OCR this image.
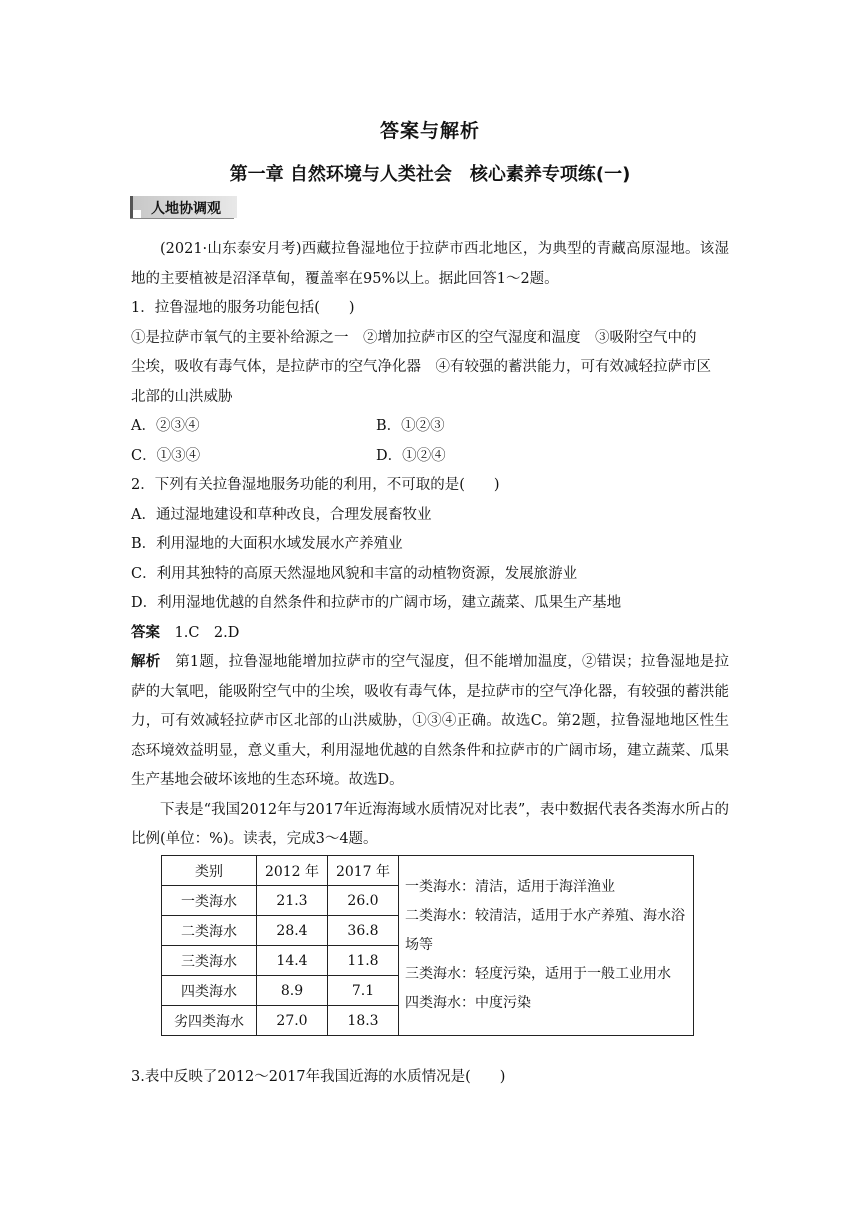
答案与解析
第一章 自然环境与人类社会　核心素养专项练(一)
人地协调观

(2021·山东泰安月考)西藏拉鲁湿地位于拉萨市西北地区，为典型的青藏高原湿地。该湿地的主要植被是沼泽草甸，覆盖率在95%以上。据此回答1～2题。

1．拉鲁湿地的服务功能包括(　　)

①是拉萨市氧气的主要补给源之一　②增加拉萨市区的空气湿度和温度　③吸附空气中的

尘埃，吸收有毒气体，是拉萨市的空气净化器　④有较强的蓄洪能力，可有效减轻拉萨市区

北部的山洪威胁

A．②③④	B．①②③
C．①③④	D．①②④

2．下列有关拉鲁湿地服务功能的利用，不可取的是(　　)

A．通过湿地建设和草种改良，合理发展畜牧业

B．利用湿地的大面积水域发展水产养殖业

C．利用其独特的高原天然湿地风貌和丰富的动植物资源，发展旅游业

D．利用湿地优越的自然条件和拉萨市的广阔市场，建立蔬菜、瓜果生产基地

答案　 1.C　2.D

解析　 第1题，拉鲁湿地能增加拉萨市的空气湿度，但不能增加温度，②错误；拉鲁湿地是拉萨的大氧吧，能吸附空气中的尘埃，吸收有毒气体，是拉萨市的空气净化器，有较强的蓄洪能力，可有效减轻拉萨市区北部的山洪威胁，①③④正确。故选C。第2题，拉鲁湿地地区性生态环境效益明显，意义重大，利用湿地优越的自然条件和拉萨市的广阔市场，建立蔬菜、瓜果生产基地会破坏该地的生态环境。故选D。

下表是“我国2012年与2017年近海海域水质情况对比表”，表中数据代表各类海水所占的比例(单位：%)。读表，完成3～4题。

类别	2012 年	2017 年	一类海水：清洁，适用于海洋渔业
二类海水：较清洁，适用于水产养殖、海水浴场等
三类海水：轻度污染，适用于一般工业用水
四类海水：中度污染

一类海水	21.3	26.0	
二类海水	28.4	36.8	
三类海水	14.4	11.8	
四类海水	8.9	7.1	
劣四类海水	27.0	18.3	

3.表中反映了2012～2017年我国近海的水质情况是(　　)
